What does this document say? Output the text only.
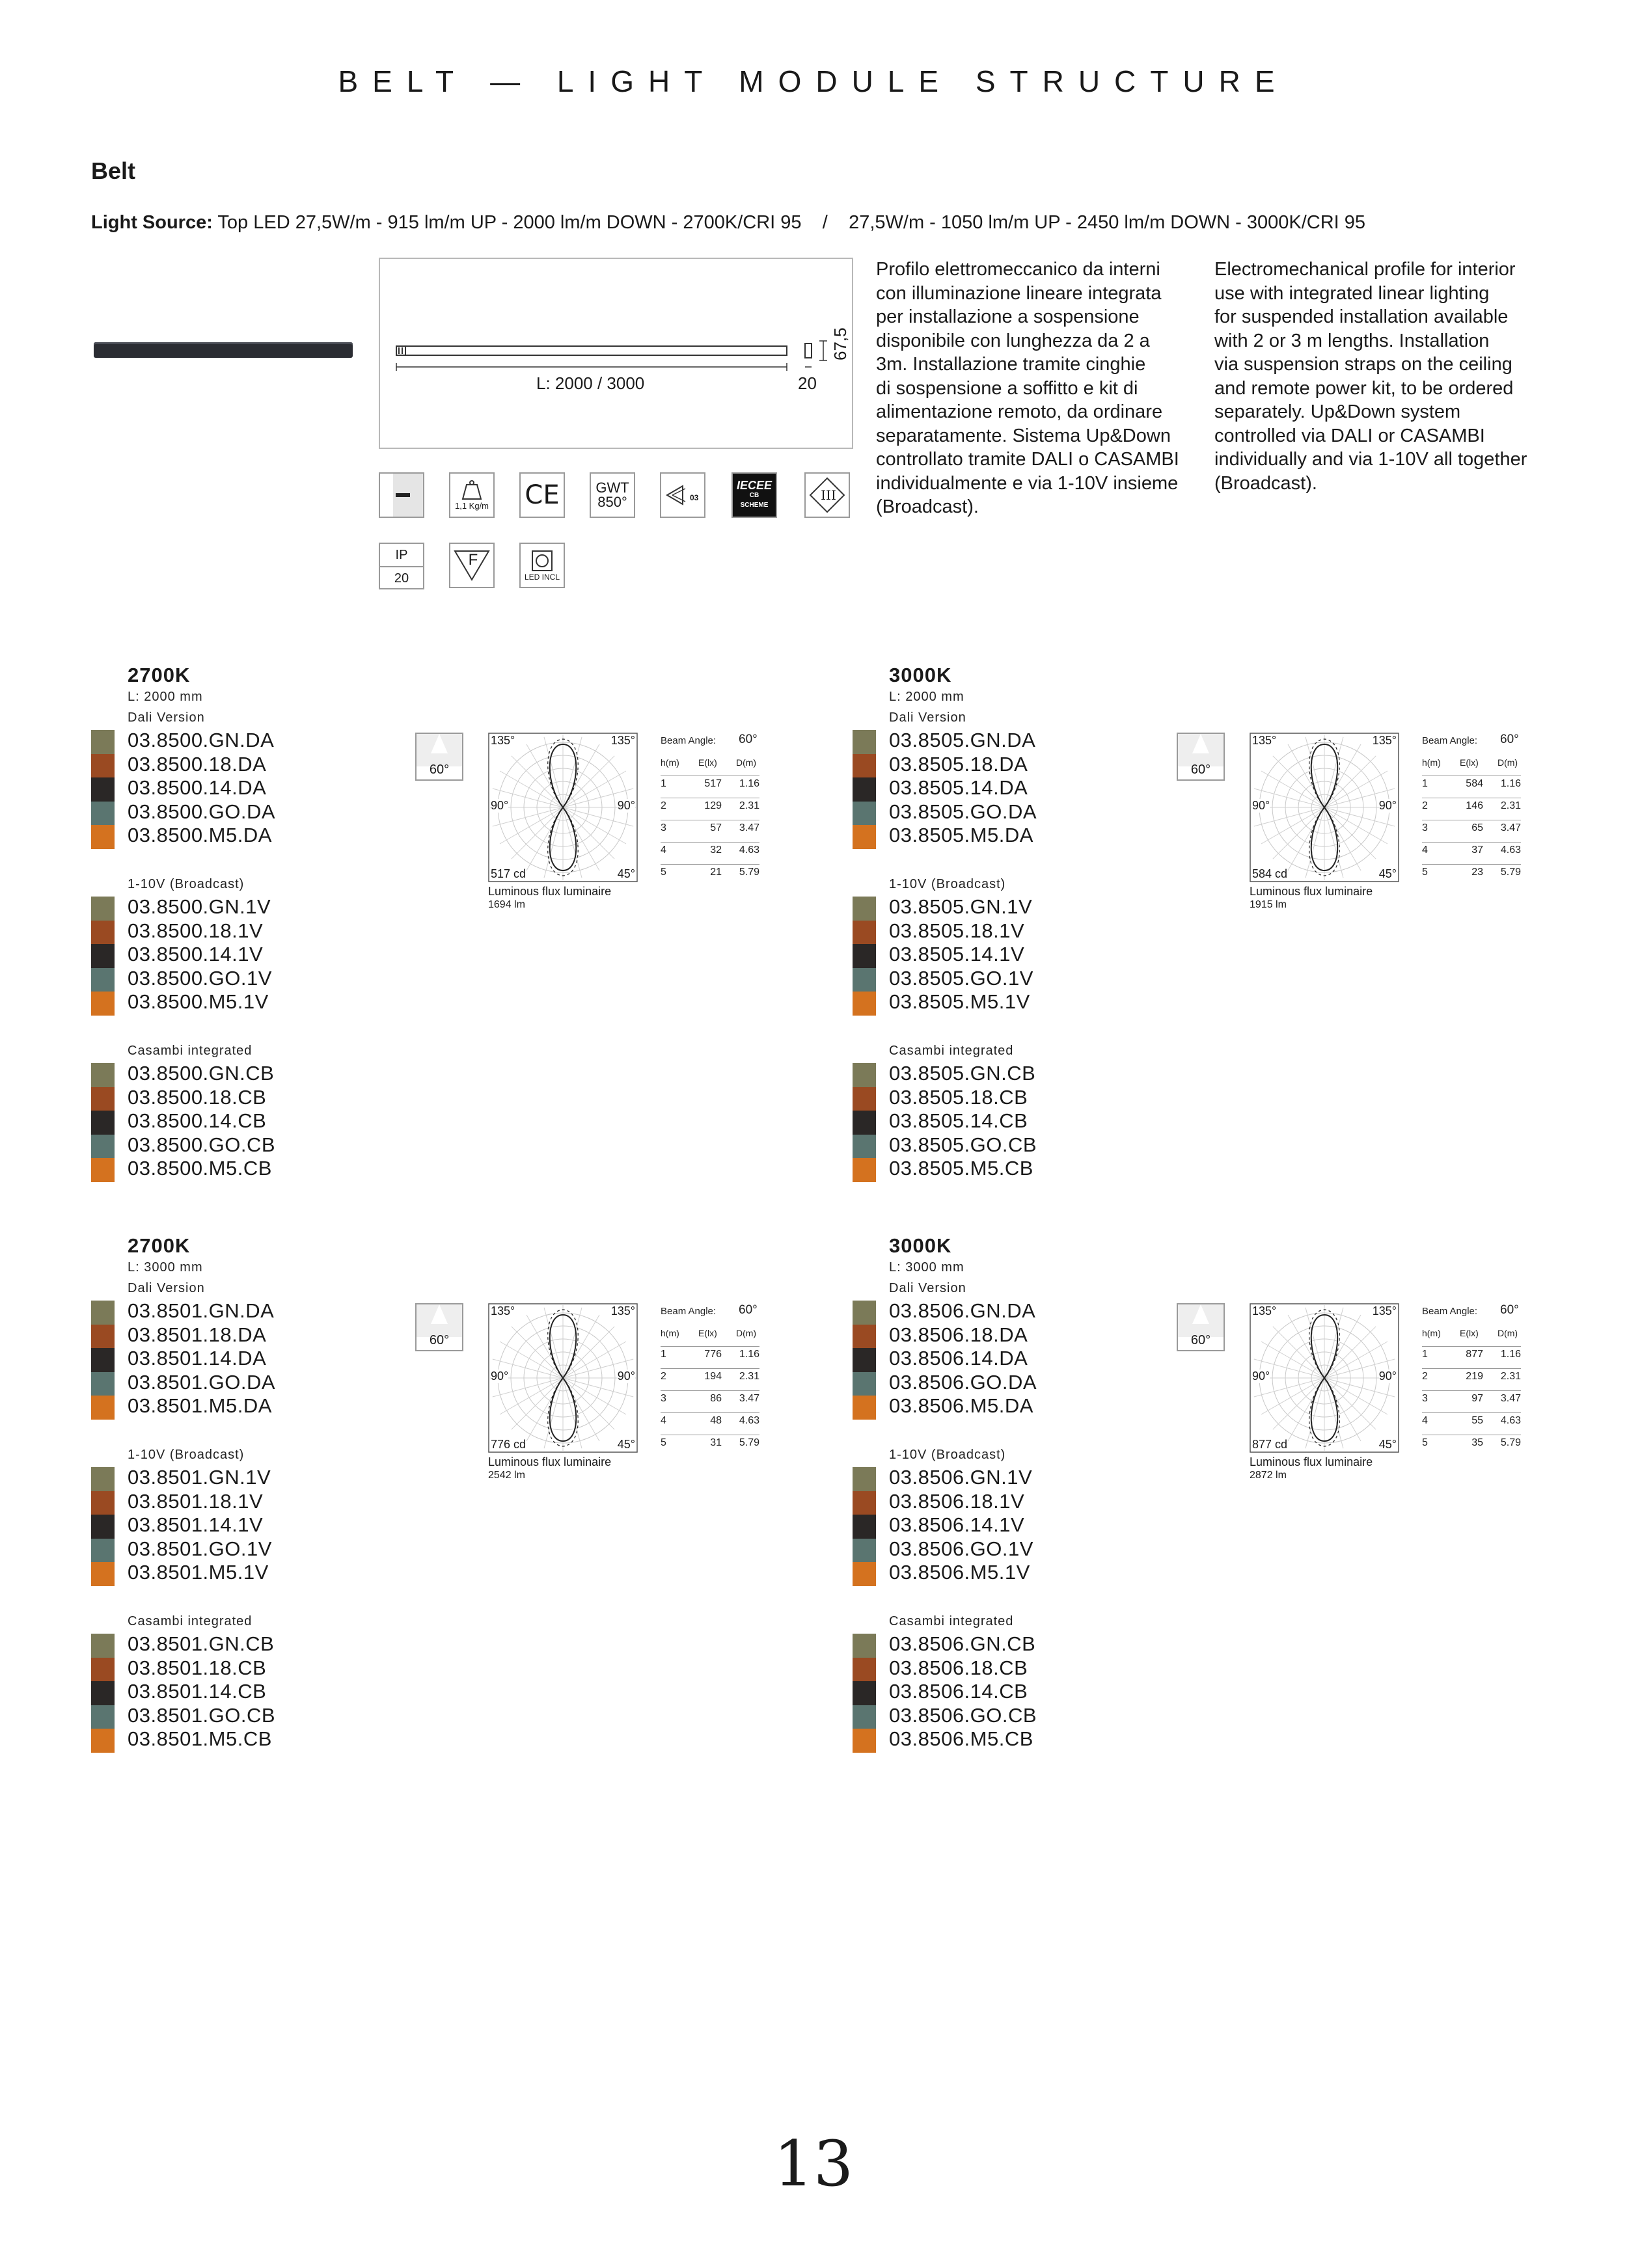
BELT — LIGHT MODULE STRUCTURE
Belt
Light Source: Top LED 27,5W/m - 915 lm/m UP - 2000 lm/m DOWN - 2700K/CRI 95    /    27,5W/m - 1050 lm/m UP - 2450 lm/m DOWN - 3000K/CRI 95
L: 2000 / 3000	20
67,5
1,1 Kg/m CE	GWT
850°	03
IECEE
CB
SCHEME
III
IP
20
F
LED INCL
Profilo elettromeccanico da interni
con illuminazione lineare integrata
per installazione a sospensione
disponibile con lunghezza da 2 a
3m. Installazione tramite cinghie
di sospensione a soffitto e kit di
alimentazione remoto, da ordinare
separatamente. Sistema Up&Down
controllato tramite DALI o CASAMBI
individualmente e via 1-10V insieme
(Broadcast).
Electromechanical profile for interior
use with integrated linear lighting
for suspended installation available
with 2 or 3 m lengths. Installation
via suspension straps on the ceiling
and remote power kit, to be ordered
separately. Up&Down system
controlled via DALI or CASAMBI
individually and via 1-10V all together
(Broadcast).
2700K
L: 2000 mm
Dali Version
03.8500.GN.DA
03.8500.18.DA
03.8500.14.DA
03.8500.GO.DA
03.8500.M5.DA
1-10V (Broadcast)
03.8500.GN.1V
03.8500.18.1V
03.8500.14.1V
03.8500.GO.1V
03.8500.M5.1V
Casambi integrated
03.8500.GN.CB
03.8500.18.CB
03.8500.14.CB
03.8500.GO.CB
03.8500.M5.CB
60°
135°	135°
90°	90°
45°
517 cd
Luminous flux luminaire
1694 lm
Beam Angle: 60°
h(m) E(lx) D(m)
1	517	1.16
2	129	2.31
3	57	3.47
4	32	4.63
5	21	5.79
3000K
L: 2000 mm
Dali Version
03.8505.GN.DA
03.8505.18.DA
03.8505.14.DA
03.8505.GO.DA
03.8505.M5.DA
1-10V (Broadcast)
03.8505.GN.1V
03.8505.18.1V
03.8505.14.1V
03.8505.GO.1V
03.8505.M5.1V
Casambi integrated
03.8505.GN.CB
03.8505.18.CB
03.8505.14.CB
03.8505.GO.CB
03.8505.M5.CB
60°
135°	135°
90°	90°
45°
584 cd
Luminous flux luminaire
1915 lm
Beam Angle: 60°
h(m) E(lx) D(m)
1	584	1.16
2	146	2.31
3	65	3.47
4	37	4.63
5	23	5.79
2700K
L: 3000 mm
Dali Version
03.8501.GN.DA
03.8501.18.DA
03.8501.14.DA
03.8501.GO.DA
03.8501.M5.DA
1-10V (Broadcast)
03.8501.GN.1V
03.8501.18.1V
03.8501.14.1V
03.8501.GO.1V
03.8501.M5.1V
Casambi integrated
03.8501.GN.CB
03.8501.18.CB
03.8501.14.CB
03.8501.GO.CB
03.8501.M5.CB
60°
135°	135°
90°	90°
45°
776 cd
Luminous flux luminaire
2542 lm
Beam Angle: 60°
h(m) E(lx) D(m)
1	776	1.16
2	194	2.31
3	86	3.47
4	48	4.63
5	31	5.79
3000K
L: 3000 mm
Dali Version
03.8506.GN.DA
03.8506.18.DA
03.8506.14.DA
03.8506.GO.DA
03.8506.M5.DA
1-10V (Broadcast)
03.8506.GN.1V
03.8506.18.1V
03.8506.14.1V
03.8506.GO.1V
03.8506.M5.1V
Casambi integrated
03.8506.GN.CB
03.8506.18.CB
03.8506.14.CB
03.8506.GO.CB
03.8506.M5.CB
60°
135°	135°
90°	90°
45°
877 cd
Luminous flux luminaire
2872 lm
Beam Angle: 60°
h(m) E(lx) D(m)
1	877	1.16
2	219	2.31
3	97	3.47
4	55	4.63
5	35	5.79
13
